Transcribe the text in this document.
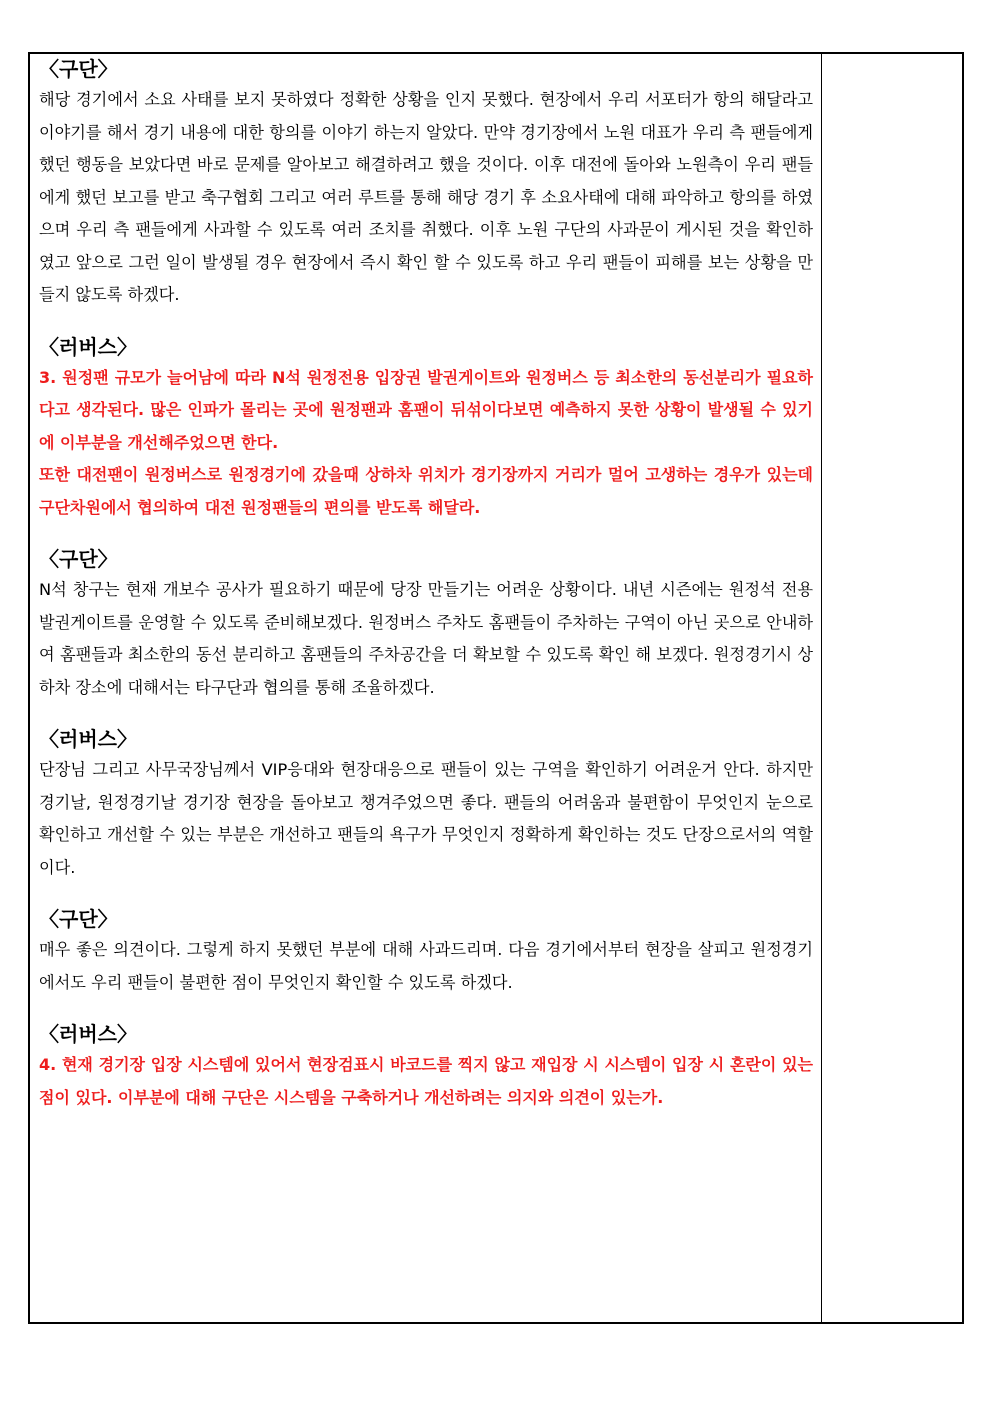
〈구단〉

해당 경기에서 소요 사태를 보지 못하였다 정확한 상황을 인지 못했다. 현장에서 우리 서포터가 항의 해달라고 이야기를 해서 경기 내용에 대한 항의를 이야기 하는지 알았다. 만약 경기장에서 노원 대표가 우리 측 팬들에게 했던 행동을 보았다면 바로 문제를 알아보고 해결하려고 했을 것이다. 이후 대전에 돌아와 노원측이 우리 팬들에게 했던 보고를 받고 축구협회 그리고 여러 루트를 통해 해당 경기 후 소요사태에 대해 파악하고 항의를 하였으며 우리 측 팬들에게 사과할 수 있도록 여러 조치를 취했다. 이후 노원 구단의 사과문이 게시된 것을 확인하였고 앞으로 그런 일이 발생될 경우 현장에서 즉시 확인 할 수 있도록 하고 우리 팬들이 피해를 보는 상황을 만들지 않도록 하겠다.

〈러버스〉

3. 원정팬 규모가 늘어남에 따라 N석 원정전용 입장권 발권게이트와 원정버스 등 최소한의 동선분리가 필요하다고 생각된다. 많은 인파가 몰리는 곳에 원정팬과 홈팬이 뒤섞이다보면 예측하지 못한 상황이 발생될 수 있기에 이부분을 개선해주었으면 한다.

또한 대전팬이 원정버스로 원정경기에 갔을때 상하차 위치가 경기장까지 거리가 멀어 고생하는 경우가 있는데 구단차원에서 협의하여 대전 원정팬들의 편의를 받도록 해달라.

〈구단〉

N석 창구는 현재 개보수 공사가 필요하기 때문에 당장 만들기는 어려운 상황이다. 내년 시즌에는 원정석 전용 발권게이트를 운영할 수 있도록 준비해보겠다. 원정버스 주차도 홈팬들이 주차하는 구역이 아닌 곳으로 안내하여 홈팬들과 최소한의 동선 분리하고 홈팬들의 주차공간을 더 확보할 수 있도록 확인 해 보겠다. 원정경기시 상하차 장소에 대해서는 타구단과 협의를 통해 조율하겠다.

〈러버스〉

단장님 그리고 사무국장님께서 VIP응대와 현장대응으로 팬들이 있는 구역을 확인하기 어려운거 안다. 하지만 경기날, 원정경기날 경기장 현장을 돌아보고 챙겨주었으면 좋다. 팬들의 어려움과 불편함이 무엇인지 눈으로 확인하고 개선할 수 있는 부분은 개선하고 팬들의 욕구가 무엇인지 정확하게 확인하는 것도 단장으로서의 역할이다.

〈구단〉

매우 좋은 의견이다. 그렇게 하지 못했던 부분에 대해 사과드리며. 다음 경기에서부터 현장을 살피고 원정경기에서도 우리 팬들이 불편한 점이 무엇인지 확인할 수 있도록 하겠다.

〈러버스〉

4. 현재 경기장 입장 시스템에 있어서 현장검표시 바코드를 찍지 않고 재입장 시 시스템이 입장 시 혼란이 있는 점이 있다. 이부분에 대해 구단은 시스템을 구축하거나 개선하려는 의지와 의견이 있는가.
